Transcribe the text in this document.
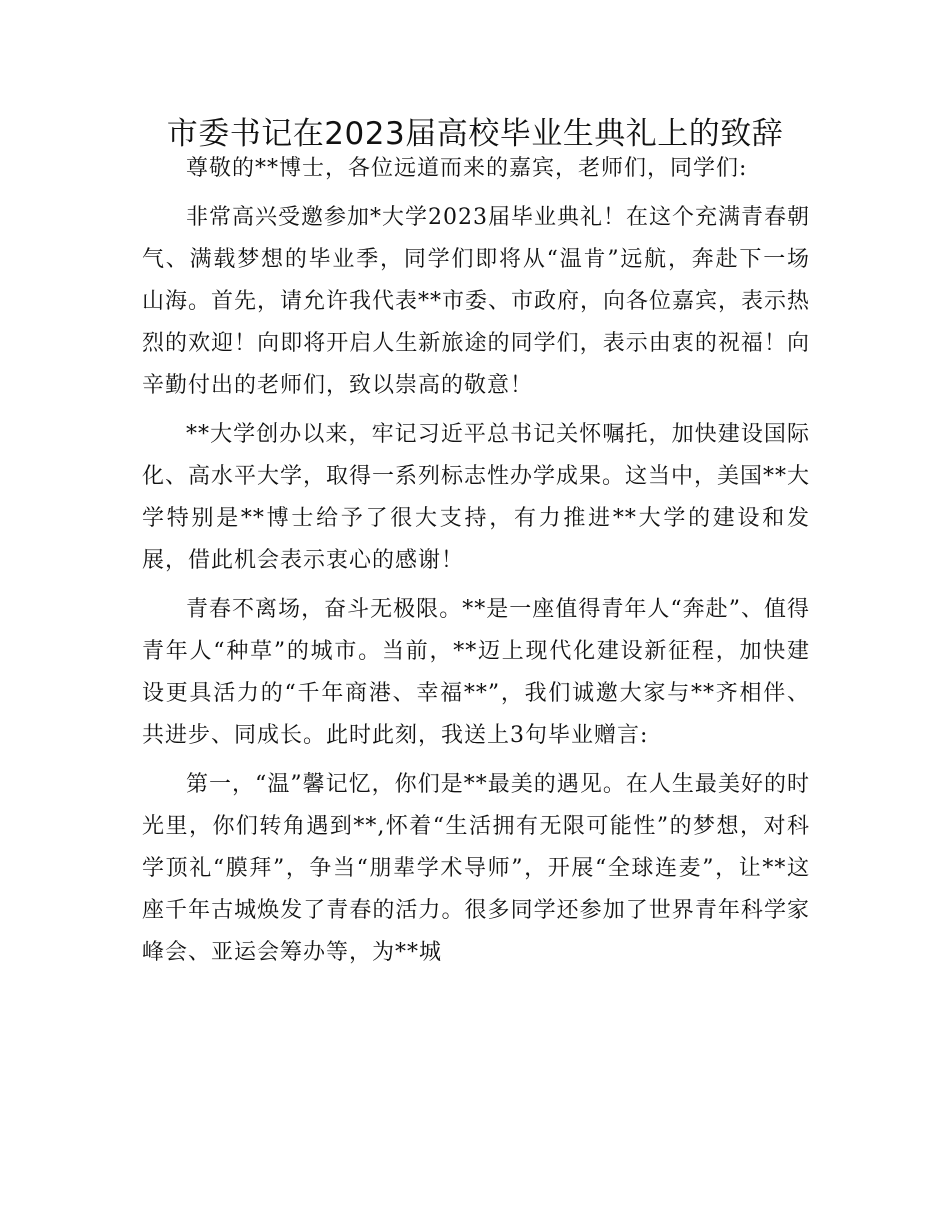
市委书记在2023届高校毕业生典礼上的致辞

尊敬的**博士，各位远道而来的嘉宾，老师们，同学们:

非常高兴受邀参加*大学2023届毕业典礼！在这个充满青春朝气、满载梦想的毕业季，同学们即将从“温肯”远航，奔赴下一场山海。首先，请允许我代表**市委、市政府，向各位嘉宾，表示热烈的欢迎！向即将开启人生新旅途的同学们，表示由衷的祝福！向辛勤付出的老师们，致以崇高的敬意！

**大学创办以来，牢记习近平总书记关怀嘱托，加快建设国际化、高水平大学，取得一系列标志性办学成果。这当中，美国**大学特别是**博士给予了很大支持，有力推进**大学的建设和发展，借此机会表示衷心的感谢！

青春不离场，奋斗无极限。**是一座值得青年人“奔赴”、值得青年人“种草”的城市。当前，**迈上现代化建设新征程，加快建设更具活力的“千年商港、幸福**”，我们诚邀大家与**齐相伴、共进步、同成长。此时此刻，我送上3句毕业赠言:

第一，“温”馨记忆，你们是**最美的遇见。在人生最美好的时光里，你们转角遇到**,怀着“生活拥有无限可能性”的梦想，对科学顶礼“膜拜”，争当“朋辈学术导师”，开展“全球连麦”，让**这座千年古城焕发了青春的活力。很多同学还参加了世界青年科学家峰会、亚运会筹办等，为**城
